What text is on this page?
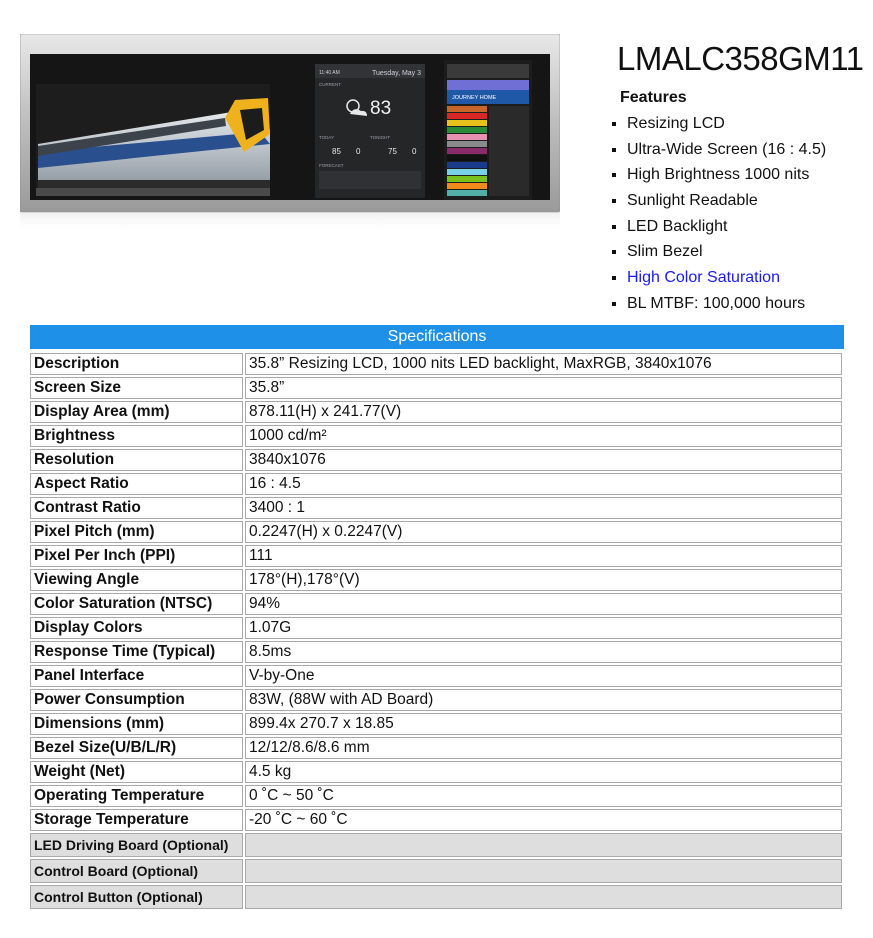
11:40 AM	Tuesday, May 3
CURRENT
83
TODAY	TONIGHT
85 0	75 0
FORECAST
JOURNEY HOME
LMALC358GM11
Features
Resizing LCD
Ultra-Wide Screen (16 : 4.5)
High Brightness 1000 nits
Sunlight Readable
LED Backlight
Slim Bezel
High Color Saturation
BL MTBF: 100,000 hours
Specifications
Description	35.8” Resizing LCD, 1000 nits LED backlight, MaxRGB, 3840x1076
Screen Size	35.8”
Display Area (mm)	878.11(H) x 241.77(V)
Brightness	1000 cd/m²
Resolution	3840x1076
Aspect Ratio	16 : 4.5
Contrast Ratio	3400 : 1
Pixel Pitch (mm)	0.2247(H) x 0.2247(V)
Pixel Per Inch (PPI)	111
Viewing Angle	178°(H),178°(V)
Color Saturation (NTSC)	94%
Display Colors	1.07G
Response Time (Typical)	8.5ms
Panel Interface	V-by-One
Power Consumption	83W, (88W with AD Board)
Dimensions (mm)	899.4x 270.7 x 18.85
Bezel Size(U/B/L/R)	12/12/8.6/8.6 mm
Weight (Net)	4.5 kg
Operating Temperature	0 ˚C ~ 50 ˚C
Storage Temperature	-20 ˚C ~ 60 ˚C
LED Driving Board (Optional)	
Control Board (Optional)	
Control Button (Optional)	
